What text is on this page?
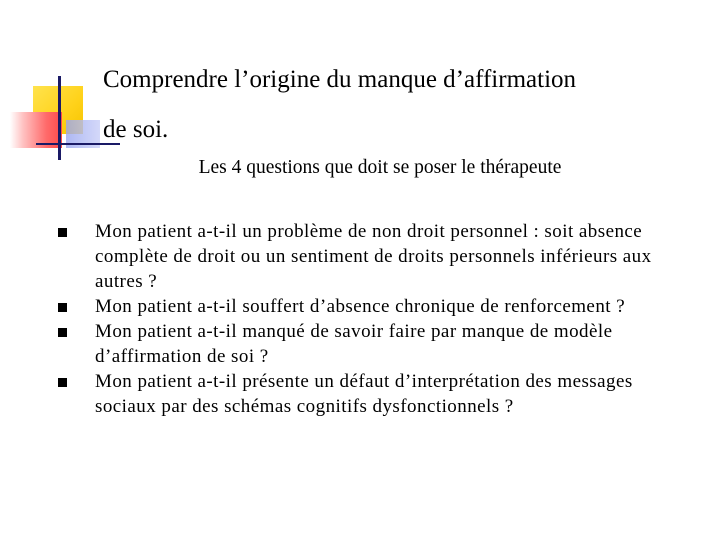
Comprendre l’origine du manque d’affirmation
de soi.
Les 4 questions que doit se poser le thérapeute
Mon patient a-t-il un problème de non droit personnel : soit absence complète de droit ou un sentiment de droits personnels inférieurs aux autres ?
Mon patient a-t-il souffert d’absence chronique de renforcement ?
Mon patient a-t-il manqué de savoir faire par manque de modèle d’affirmation de soi ?
Mon patient a-t-il présente un défaut d’interprétation des messages sociaux par des schémas cognitifs dysfonctionnels ?
